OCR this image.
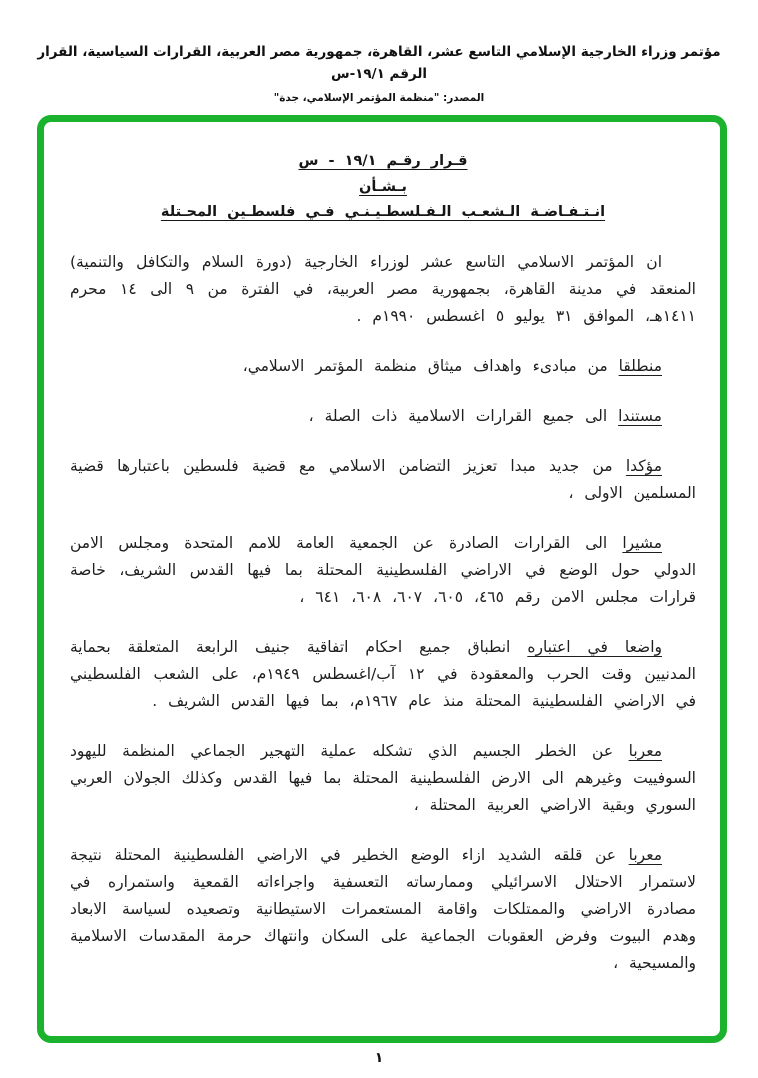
مؤتمر وزراء الخارجية الإسلامي التاسع عشر، القاهرة، جمهورية مصر العربية، القرارات السياسية، القرار الرقم ١٩/١-س
المصدر: "منظمة المؤتمر الإسلامي، جدة"
قـرار رقـم ١٩/١ - س
بـشـأن
انـتـفـاضـة الـشعـب الـفـلسطـيـنـي فـي فلسطـين المحـتلة

ان المؤتمر الاسلامي التاسع عشر لوزراء الخارجية (دورة السلام والتكافل والتنمية) المنعقد في مدينة القاهرة، بجمهورية مصر العربية، في الفترة من ٩ الى ١٤ محرم ١٤١١هـ، الموافق ٣١ يوليو ٥ اغسطس ١٩٩٠م .

منطلقا من مبادىء واهداف ميثاق منظمة المؤتمر الاسلامي،

مستندا الى جميع القرارات الاسلامية ذات الصلة ،

مؤكدا من جديد مبدا تعزيز التضامن الاسلامي مع قضية فلسطين باعتبارها قضية المسلمين الاولى ،

مشيرا الى القرارات الصادرة عن الجمعية العامة للامم المتحدة ومجلس الامن الدولي حول الوضع في الاراضي الفلسطينية المحتلة بما فيها القدس الشريف، خاصة قرارات مجلس الامن رقم ٤٦٥، ٦٠٥، ٦٠٧، ٦٠٨، ٦٤١ ،

واضعا في اعتباره انطباق جميع احكام اتفاقية جنيف الرابعة المتعلقة بحماية المدنيين وقت الحرب والمعقودة في ١٢ آب/اغسطس ١٩٤٩م، على الشعب الفلسطيني في الاراضي الفلسطينية المحتلة منذ عام ١٩٦٧م، بما فيها القدس الشريف .

معربا عن الخطر الجسيم الذي تشكله عملية التهجير الجماعي المنظمة لليهود السوفييت وغيرهم الى الارض الفلسطينية المحتلة بما فيها القدس وكذلك الجولان العربي السوري وبقية الاراضي العربية المحتلة ،

معربا عن قلقه الشديد ازاء الوضع الخطير في الاراضي الفلسطينية المحتلة نتيجة لاستمرار الاحتلال الاسرائيلي وممارساته التعسفية واجراءاته القمعية واستمراره في مصادرة الاراضي والممتلكات واقامة المستعمرات الاستيطانية وتصعيده لسياسة الابعاد وهدم البيوت وفرض العقوبات الجماعية على السكان وانتهاك حرمة المقدسات الاسلامية والمسيحية ،

١
